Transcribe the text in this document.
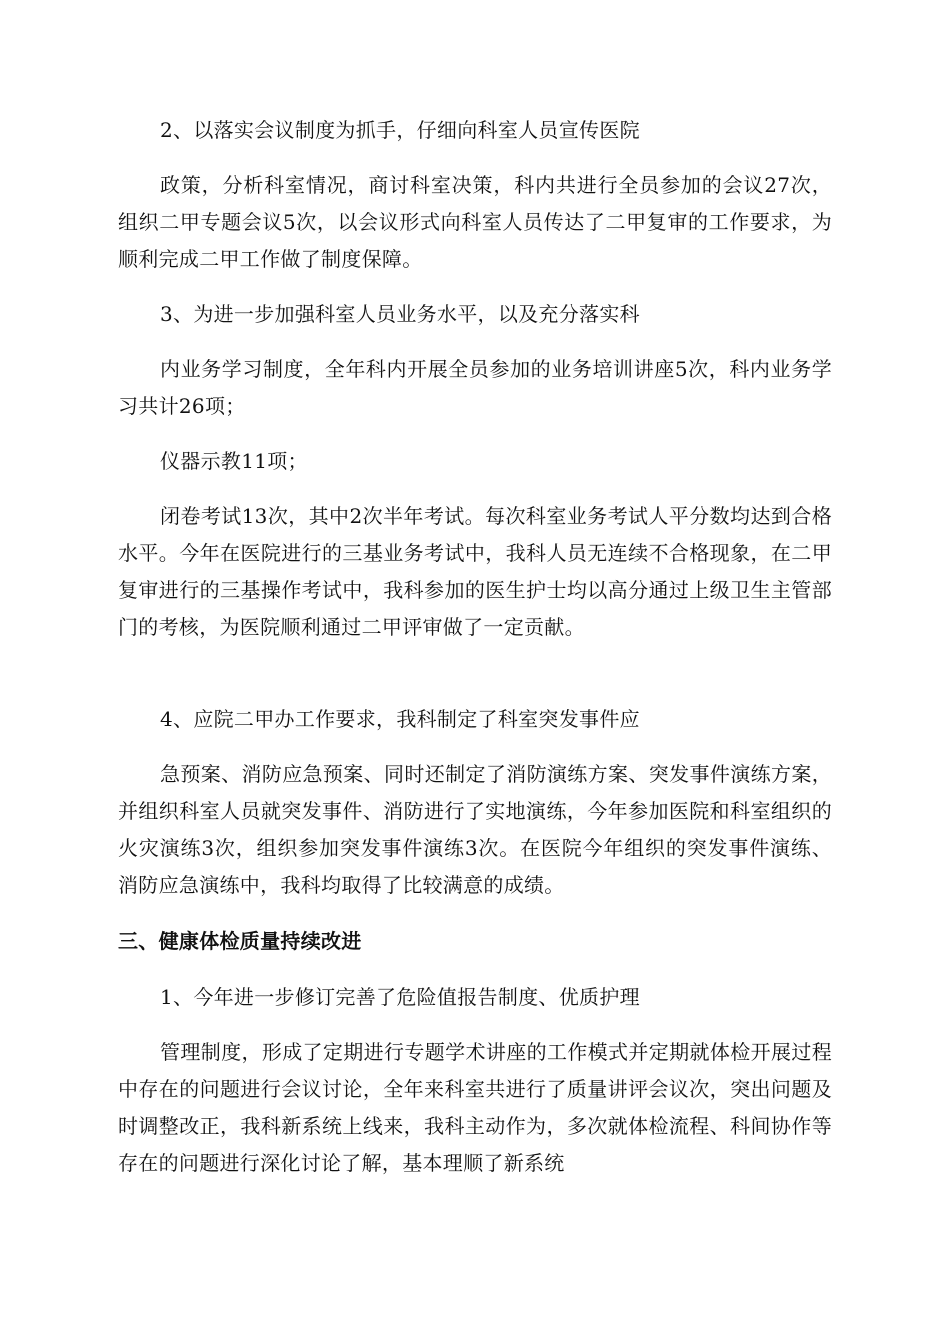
2、以落实会议制度为抓手，仔细向科室人员宣传医院

政策，分析科室情况，商讨科室决策，科内共进行全员参加的会议27次，组织二甲专题会议5次，以会议形式向科室人员传达了二甲复审的工作要求，为顺利完成二甲工作做了制度保障。

3、为进一步加强科室人员业务水平，以及充分落实科

内业务学习制度，全年科内开展全员参加的业务培训讲座5次，科内业务学习共计26项；

仪器示教11项；

闭卷考试13次，其中2次半年考试。每次科室业务考试人平分数均达到合格水平。今年在医院进行的三基业务考试中，我科人员无连续不合格现象，在二甲复审进行的三基操作考试中，我科参加的医生护士均以高分通过上级卫生主管部门的考核，为医院顺利通过二甲评审做了一定贡献。

4、应院二甲办工作要求，我科制定了科室突发事件应

急预案、消防应急预案、同时还制定了消防演练方案、突发事件演练方案，并组织科室人员就突发事件、消防进行了实地演练，今年参加医院和科室组织的火灾演练3次，组织参加突发事件演练3次。在医院今年组织的突发事件演练、消防应急演练中，我科均取得了比较满意的成绩。

三、健康体检质量持续改进

1、今年进一步修订完善了危险值报告制度、优质护理

管理制度，形成了定期进行专题学术讲座的工作模式并定期就体检开展过程中存在的问题进行会议讨论，全年来科室共进行了质量讲评会议次，突出问题及时调整改正，我科新系统上线来，我科主动作为，多次就体检流程、科间协作等存在的问题进行深化讨论了解，基本理顺了新系统
